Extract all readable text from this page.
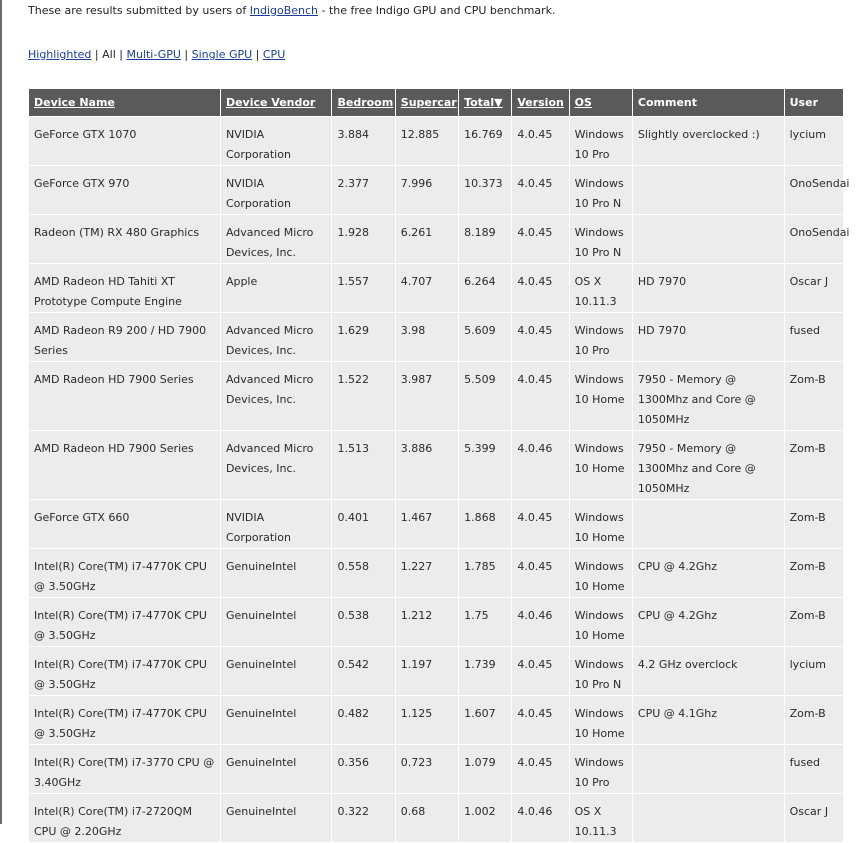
These are results submitted by users of IndigoBench - the free Indigo GPU and CPU benchmark.
Highlighted | All | Multi-GPU | Single GPU | CPU
Device Name	Device Vendor	Bedroom	Supercar	Total▼	Version	OS	Comment	User
GeForce GTX 1070	NVIDIA Corporation	3.884	12.885	16.769	4.0.45	Windows 10 Pro	Slightly overclocked :)	lycium
GeForce GTX 970	NVIDIA Corporation	2.377	7.996	10.373	4.0.45	Windows 10 Pro N		OnoSendai
Radeon (TM) RX 480 Graphics	Advanced Micro Devices, Inc.	1.928	6.261	8.189	4.0.45	Windows 10 Pro N		OnoSendai
AMD Radeon HD Tahiti XT Prototype Compute Engine	Apple	1.557	4.707	6.264	4.0.45	OS X 10.11.3	HD 7970	Oscar J
AMD Radeon R9 200 / HD 7900 Series	Advanced Micro Devices, Inc.	1.629	3.98	5.609	4.0.45	Windows 10 Pro	HD 7970	fused
AMD Radeon HD 7900 Series	Advanced Micro Devices, Inc.	1.522	3.987	5.509	4.0.45	Windows 10 Home	7950 - Memory @ 1300Mhz and Core @ 1050MHz	Zom-B
AMD Radeon HD 7900 Series	Advanced Micro Devices, Inc.	1.513	3.886	5.399	4.0.46	Windows 10 Home	7950 - Memory @ 1300Mhz and Core @ 1050MHz	Zom-B
GeForce GTX 660	NVIDIA Corporation	0.401	1.467	1.868	4.0.45	Windows 10 Home		Zom-B
Intel(R) Core(TM) i7-4770K CPU @ 3.50GHz	GenuineIntel	0.558	1.227	1.785	4.0.45	Windows 10 Home	CPU @ 4.2Ghz	Zom-B
Intel(R) Core(TM) i7-4770K CPU @ 3.50GHz	GenuineIntel	0.538	1.212	1.75	4.0.46	Windows 10 Home	CPU @ 4.2Ghz	Zom-B
Intel(R) Core(TM) i7-4770K CPU @ 3.50GHz	GenuineIntel	0.542	1.197	1.739	4.0.45	Windows 10 Pro N	4.2 GHz overclock	lycium
Intel(R) Core(TM) i7-4770K CPU @ 3.50GHz	GenuineIntel	0.482	1.125	1.607	4.0.45	Windows 10 Home	CPU @ 4.1Ghz	Zom-B
Intel(R) Core(TM) i7-3770 CPU @ 3.40GHz	GenuineIntel	0.356	0.723	1.079	4.0.45	Windows 10 Pro		fused
Intel(R) Core(TM) i7-2720QM CPU @ 2.20GHz	GenuineIntel	0.322	0.68	1.002	4.0.46	OS X 10.11.3		Oscar J
